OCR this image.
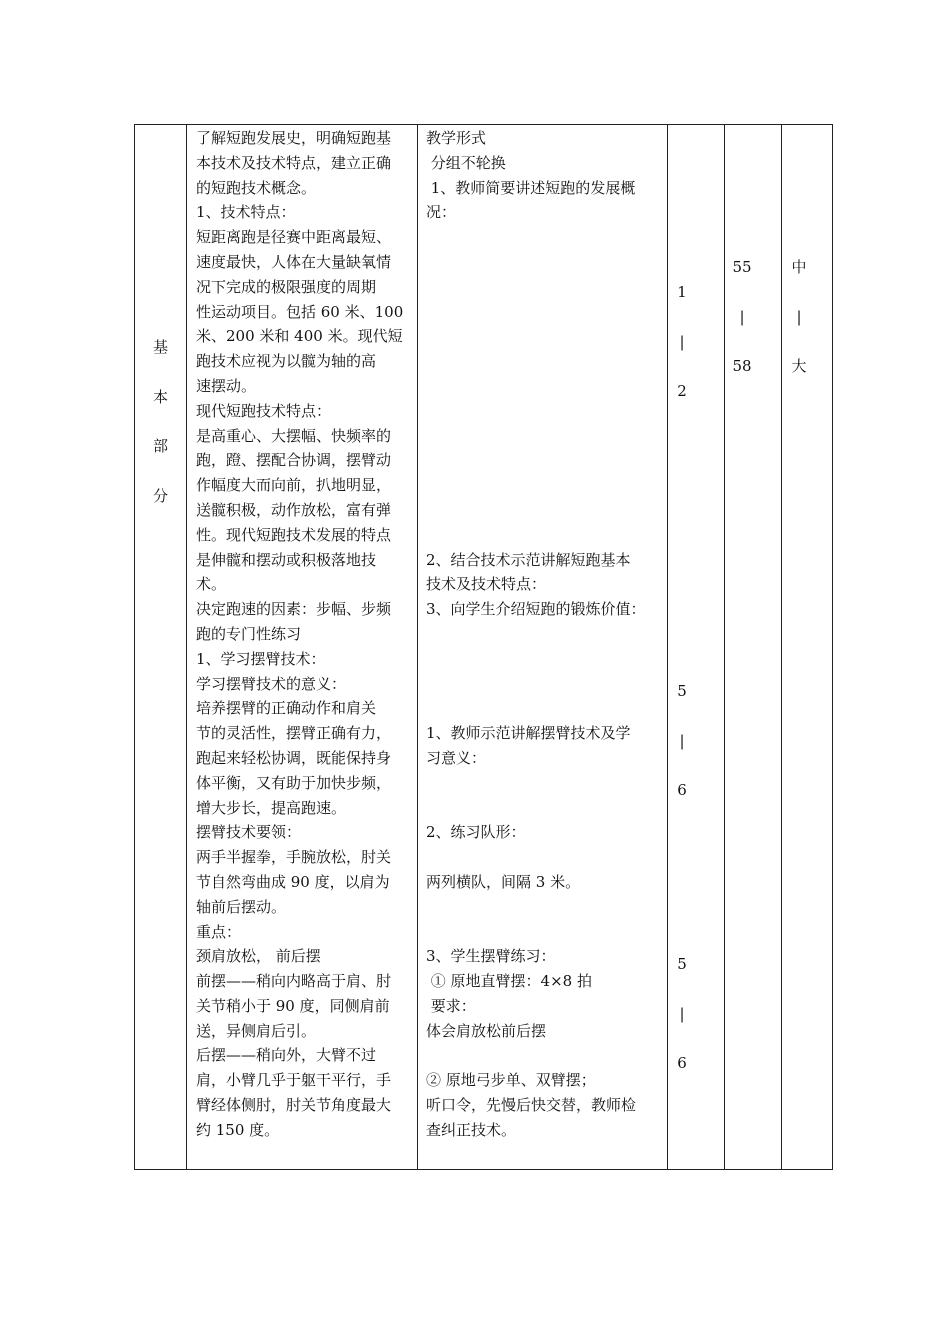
基
本
部
分
了解短跑发展史，明确短跑基
本技术及技术特点，建立正确
的短跑技术概念。
1、技术特点：
短距离跑是径赛中距离最短、
速度最快，人体在大量缺氧情
况下完成的极限强度的周期
性运动项目。包括 60 米、100
米、200 米和 400 米。现代短
跑技术应视为以髋为轴的高
速摆动。
现代短跑技术特点：
是高重心、大摆幅、快频率的
跑，蹬、摆配合协调，摆臂动
作幅度大而向前，扒地明显，
送髋积极，动作放松，富有弹
性。现代短跑技术发展的特点
是伸髋和摆动或积极落地技
术。
决定跑速的因素：步幅、步频
跑的专门性练习
1、学习摆臂技术：
学习摆臂技术的意义：
培养摆臂的正确动作和肩关
节的灵活性，摆臂正确有力，
跑起来轻松协调，既能保持身
体平衡，又有助于加快步频，
增大步长，提高跑速。
摆臂技术要领：
两手半握拳，手腕放松，肘关
节自然弯曲成 90 度，以肩为
轴前后摆动。
重点：
颈肩放松， 前后摆
前摆——稍向内略高于肩、肘
关节稍小于 90 度，同侧肩前
送，异侧肩后引。
后摆——稍向外，大臂不过
肩，小臂几乎于躯干平行，手
臂经体侧肘，肘关节角度最大
约 150 度。
教学形式
分组不轮换
1、教师简要讲述短跑的发展概
况：

2、结合技术示范讲解短跑基本
技术及技术特点：
3、向学生介绍短跑的锻炼价值：

1、教师示范讲解摆臂技术及学
习意义：

2、练习队形：

两列横队，间隔 3 米。

3、学生摆臂练习：
① 原地直臂摆：4×8 拍
要求：
体会肩放松前后摆

② 原地弓步单、双臂摆；
听口令，先慢后快交替，教师检
查纠正技术。
1
|
2
5
|
6
5
|
6
55
|
58
中
|
大
